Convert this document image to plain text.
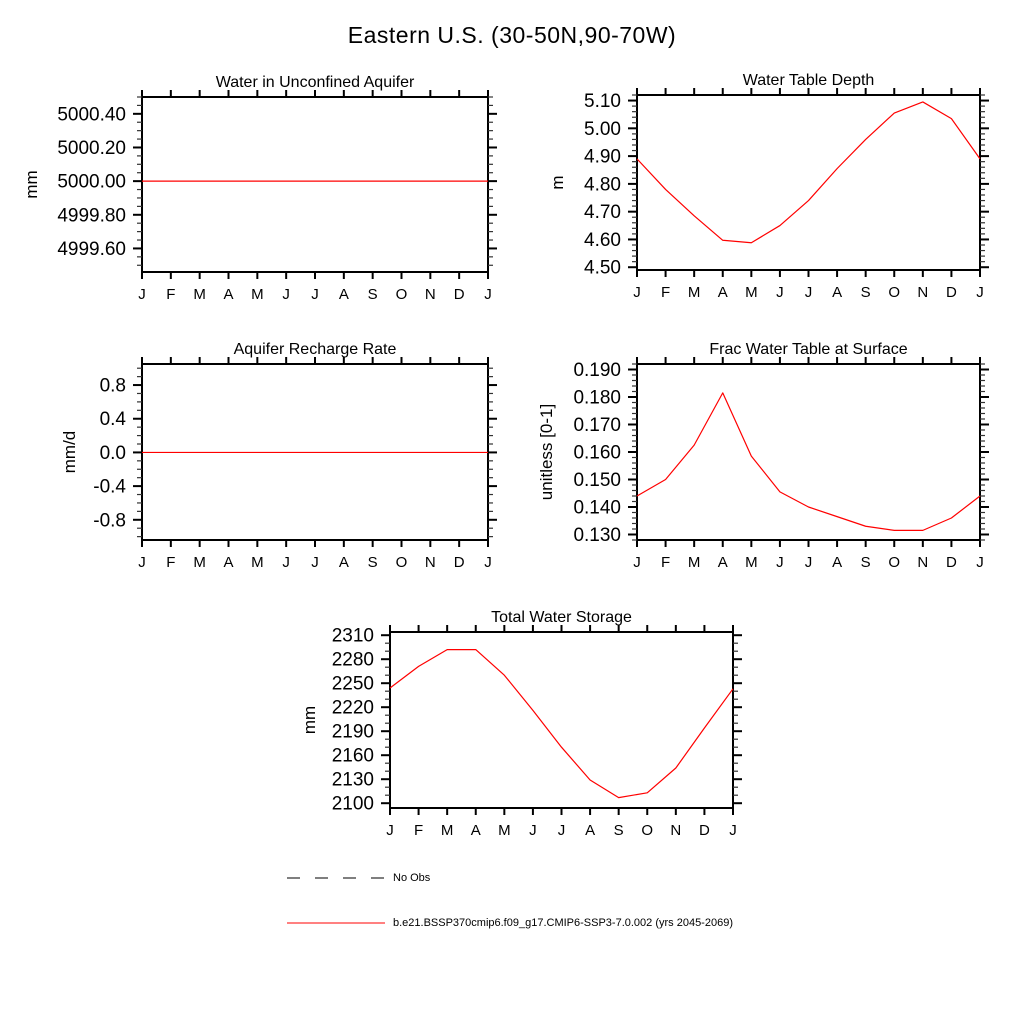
Eastern U.S. (30-50N,90-70W)
J F M A M J J A S O N D J
4999.60
4999.80
5000.00
5000.20
5000.40
Water in Unconfined Aquifer
mm
J F M A M J J A S O N D J
4.50
4.60
4.70
4.80
4.90
5.00
5.10
Water Table Depth
m
J F M A M J J A S O N D J
-0.8
-0.4
0.0
0.4
0.8
Aquifer Recharge Rate
mm/d
J F M A M J J A S O N D J
0.130
0.140
0.150
0.160
0.170
0.180
0.190
Frac Water Table at Surface
unitless [0-1]
J F M A M J J A S O N D J
2100
2130
2160
2190
2220
2250
2280
2310
Total Water Storage
mm
No Obs
b.e21.BSSP370cmip6.f09_g17.CMIP6-SSP3-7.0.002 (yrs 2045-2069)
